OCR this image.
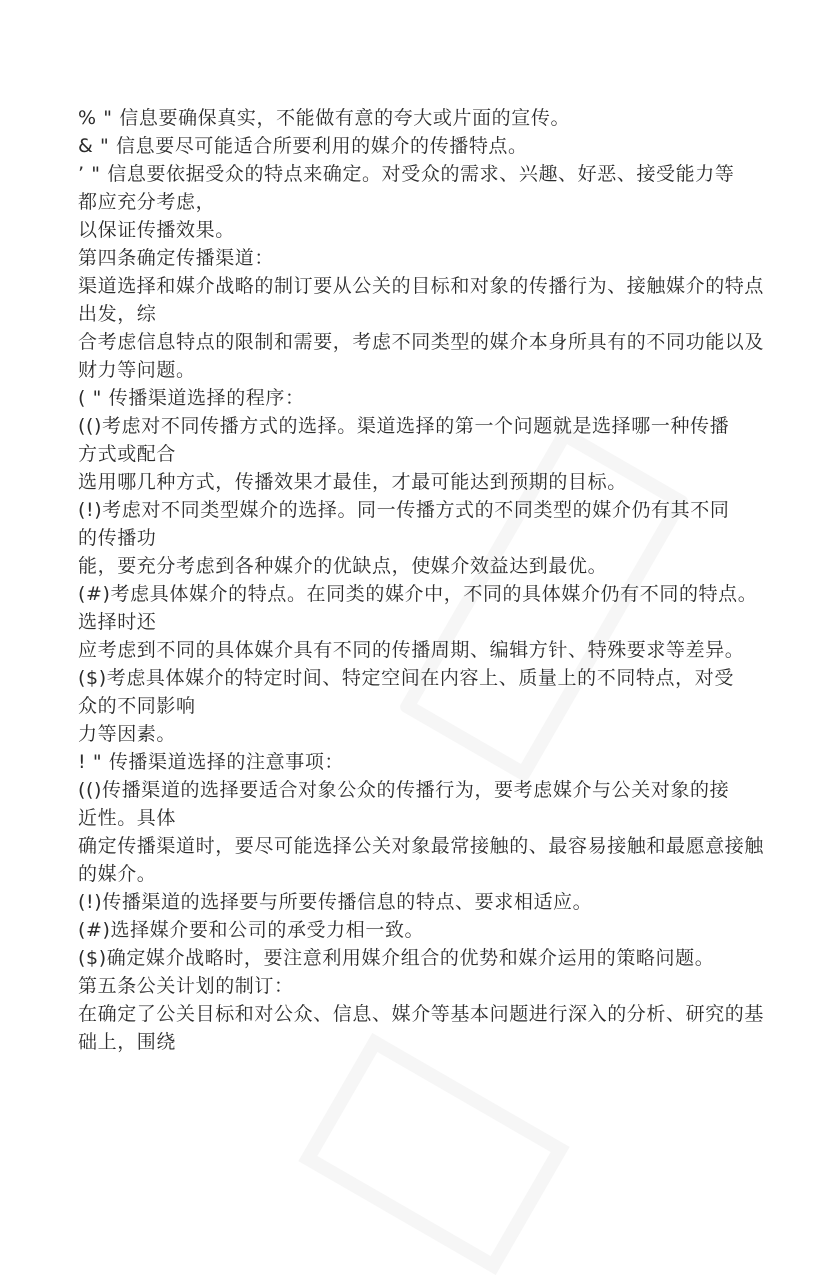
% " 信息要确保真实，不能做有意的夸大或片面的宣传。
& " 信息要尽可能适合所要利用的媒介的传播特点。
’ " 信息要依据受众的特点来确定。对受众的需求、兴趣、好恶、接受能力等
都应充分考虑，
以保证传播效果。
第四条确定传播渠道：
渠道选择和媒介战略的制订要从公关的目标和对象的传播行为、接触媒介的特点
出发，综
合考虑信息特点的限制和需要，考虑不同类型的媒介本身所具有的不同功能以及
财力等问题。
( " 传播渠道选择的程序：
(()考虑对不同传播方式的选择。渠道选择的第一个问题就是选择哪一种传播
方式或配合
选用哪几种方式，传播效果才最佳，才最可能达到预期的目标。
(!)考虑对不同类型媒介的选择。同一传播方式的不同类型的媒介仍有其不同
的传播功
能，要充分考虑到各种媒介的优缺点，使媒介效益达到最优。
(#)考虑具体媒介的特点。在同类的媒介中，不同的具体媒介仍有不同的特点。
选择时还
应考虑到不同的具体媒介具有不同的传播周期、编辑方针、特殊要求等差异。
($)考虑具体媒介的特定时间、特定空间在内容上、质量上的不同特点，对受
众的不同影响
力等因素。
! " 传播渠道选择的注意事项：
(()传播渠道的选择要适合对象公众的传播行为，要考虑媒介与公关对象的接
近性。具体
确定传播渠道时，要尽可能选择公关对象最常接触的、最容易接触和最愿意接触
的媒介。
(!)传播渠道的选择要与所要传播信息的特点、要求相适应。
(#)选择媒介要和公司的承受力相一致。
($)确定媒介战略时，要注意利用媒介组合的优势和媒介运用的策略问题。
第五条公关计划的制订：
在确定了公关目标和对公众、信息、媒介等基本问题进行深入的分析、研究的基
础上，围绕
